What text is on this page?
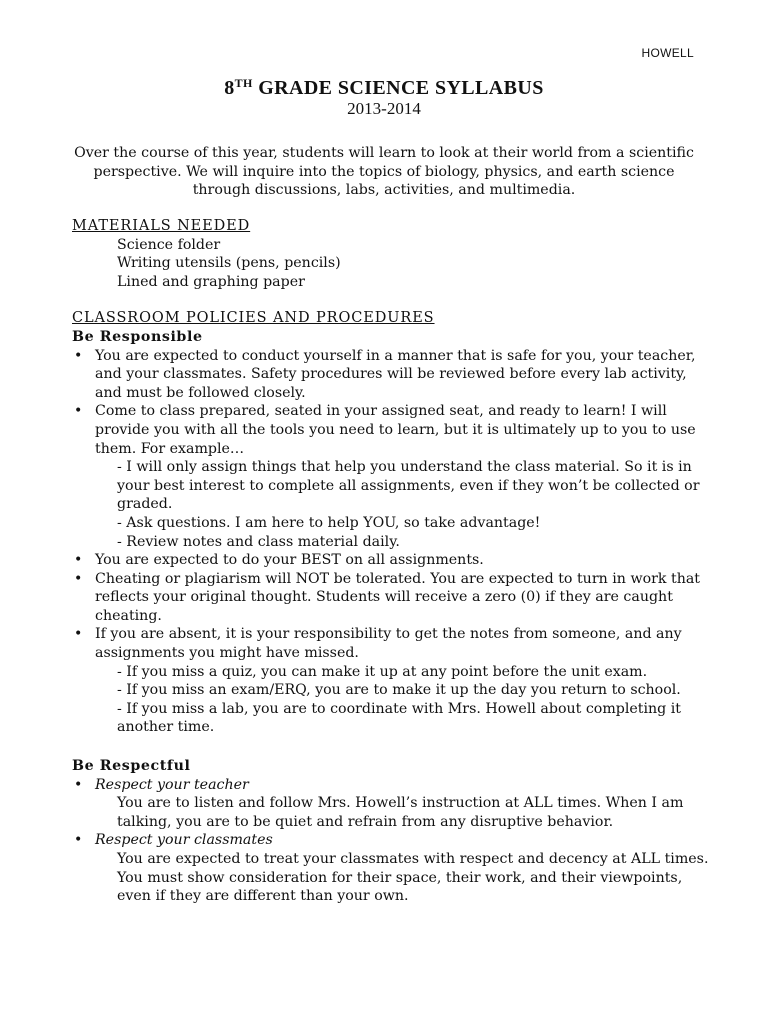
HOWELL
8TH GRADE SCIENCE SYLLABUS
2013-2014
Over the course of this year, students will learn to look at their world from a scientific
perspective. We will inquire into the topics of biology, physics, and earth science
through discussions, labs, activities, and multimedia.
MATERIALS NEEDED
Science folder
Writing utensils (pens, pencils)
Lined and graphing paper
CLASSROOM POLICIES AND PROCEDURES
Be Responsible
• You are expected to conduct yourself in a manner that is safe for you, your teacher, and your classmates. Safety procedures will be reviewed before every lab activity, and must be followed closely.
• Come to class prepared, seated in your assigned seat, and ready to learn! I will provide you with all the tools you need to learn, but it is ultimately up to you to use them. For example…
- I will only assign things that help you understand the class material. So it is in your best interest to complete all assignments, even if they won’t be collected or graded.
- Ask questions. I am here to help YOU, so take advantage!
- Review notes and class material daily.
• You are expected to do your BEST on all assignments.
• Cheating or plagiarism will NOT be tolerated. You are expected to turn in work that reflects your original thought. Students will receive a zero (0) if they are caught cheating.
• If you are absent, it is your responsibility to get the notes from someone, and any assignments you might have missed.
- If you miss a quiz, you can make it up at any point before the unit exam.
- If you miss an exam/ERQ, you are to make it up the day you return to school.
- If you miss a lab, you are to coordinate with Mrs. Howell about completing it another time.
Be Respectful
• Respect your teacher
You are to listen and follow Mrs. Howell’s instruction at ALL times. When I am talking, you are to be quiet and refrain from any disruptive behavior.
• Respect your classmates
You are expected to treat your classmates with respect and decency at ALL times. You must show consideration for their space, their work, and their viewpoints, even if they are different than your own.
